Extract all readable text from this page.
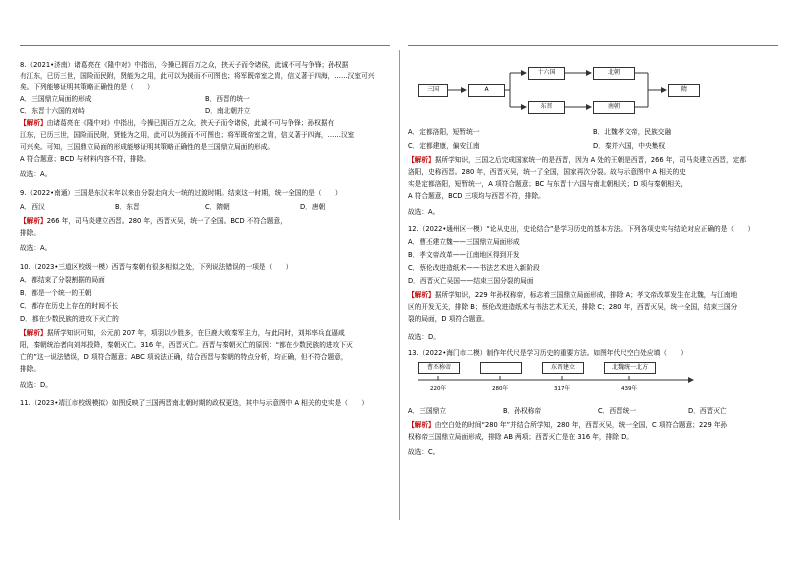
8.（2021•济南）诸葛亮在《隆中对》中指出，今操已拥百万之众，挟天子而令诸侯，此诚不可与争锋；孙权据
有江东，已历三世，国险而民附，贤能为之用，此可以为援而不可图也；将军既帝室之胄，信义著于四海，……汉室可兴
矣。下列能够证明其策略正确性的是（　　）
A．三国鼎立局面的形成	B．西晋的统一
C．东晋十六国的对峙	D．南北朝并立
【解析】由诸葛亮在《隆中对》中指出，今操已拥百万之众，挟天子而令诸侯，此诚不可与争锋；孙权据有
江东，已历三世，国险而民附，贤能为之用，此可以为援而不可图也；将军既帝室之胄，信义著于四海，……汉室
可兴矣。可知，三国鼎立局面的形成能够证明其策略正确性的是三国鼎立局面的形成。
A 符合题意；BCD 与材料内容不符，排除。
故选：A。
9.（2022•南通）三国是东汉末年以来由分裂走向大一统的过渡时期。结束这一时期，统一全国的是（　　）
A．西汉	B．东晋	C．隋朝	D．唐朝
【解析】266 年，司马炎建立西晋。280 年，西晋灭吴，统一了全国。BCD 不符合题意，
排除。
故选：A。
10.（2023•三道区校级一模）西晋与秦朝有很多相似之处，下列说法错误的一项是（　　）
A．都结束了分裂割据的局面
B．都是一个统一的王朝
C．都存在历史上存在的时间不长
D．都在少数民族的进攻下灭亡的
【解析】据所学知识可知，公元前 207 年，项羽以少胜多，在巨鹿大败秦军主力，与此同时，刘邦率兵直逼咸
阳，秦朝统治者向刘邦投降，秦朝灭亡。316 年，西晋灭亡。西晋与秦朝灭亡的原因：“都在少数民族的进攻下灭
亡的”这一说法错误，D 项符合题意；ABC 项说法正确，结合西晋与秦朝的特点分析，均正确，但不符合题意，
排除。
故选：D。
11.（2023•靖江市校级模拟）如图反映了三国两晋南北朝时期的政权更迭，其中与示意图中 A 相关的史实是（　　）
三国	A
十六国	北朝
东晋	南朝
隋
A．定都洛阳，短暂统一	B．北魏孝文帝，民族交融
C．定都建康，偏安江南	D．秦并六国，中央集权
【解析】据所学知识，三国之后完成国家统一的是西晋，因为 A 处的王朝是西晋，266 年，司马炎建立西晋，定都
洛阳，史称西晋。280 年，西晋灭吴，统一了全国，国家再次分裂。故与示意图中 A 相关的史
实是定都洛阳，短暂统一，A 项符合题意；BC 与东晋十六国与南北朝相关；D 项与秦朝相关，
A 符合题意，BCD 三项均与西晋不符，排除。
故选：A。
12.（2022•通州区一模）“论从史出，史论结合”是学习历史的基本方法。下列各项史实与结论对应正确的是（　　）
A．曹丕建立魏——三国鼎立局面形成
B．孝文帝改革——江南地区得到开发
C．蔡伦改进造纸术——书法艺术进入新阶段
D．西晋灭亡吴国——结束三国分裂的局面
【解析】据所学知识，229 年孙权称帝，标志着三国鼎立局面形成，排除 A；孝文帝改革发生在北魏，与江南地
区的开发无关，排除 B；蔡伦改进造纸术与书法艺术无关，排除 C；280 年，西晋灭吴，统一全国，结束三国分
裂的局面，D 项符合题意。
故选：D。
13.（2022•海门市二模）制作年代尺是学习历史的重要方法。如图年代尺空白处应填（　　）
曹丕称帝	东晋建立	北魏统一北方
220年	280年	317年	439年
A．三国鼎立	B．孙权称帝	C．西晋统一	D．西晋灭亡
【解析】由空白处的时间“280 年”并结合所学知，280 年，西晋灭吴，统一全国，C 项符合题意；229 年孙
权称帝三国鼎立局面形成，排除 AB 两项；西晋灭亡是在 316 年，排除 D。
故选：C。
